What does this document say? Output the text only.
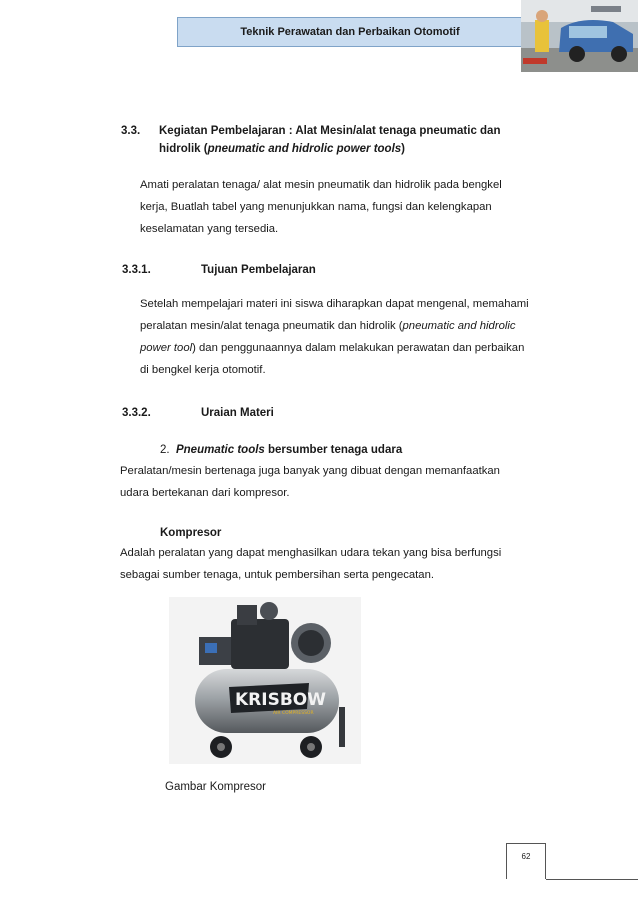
Teknik Perawatan dan Perbaikan Otomotif
3.3. Kegiatan Pembelajaran : Alat Mesin/alat tenaga pneumatic dan
hidrolik (pneumatic and hidrolic power tools)
Amati peralatan tenaga/ alat mesin pneumatik dan hidrolik pada bengkel
kerja, Buatlah tabel yang menunjukkan nama, fungsi dan kelengkapan
keselamatan yang tersedia.
3.3.1.	Tujuan Pembelajaran
Setelah mempelajari materi ini siswa diharapkan dapat mengenal, memahami
peralatan mesin/alat tenaga pneumatik dan hidrolik (pneumatic and hidrolic
power tool) dan penggunaannya dalam melakukan perawatan dan perbaikan
di bengkel kerja otomotif.
3.3.2.	Uraian Materi
2. Pneumatic tools bersumber tenaga udara
Peralatan/mesin bertenaga juga banyak yang dibuat dengan memanfaatkan
udara bertekanan dari kompresor.
Kompresor
Adalah peralatan yang dapat menghasilkan udara tekan yang bisa berfungsi
sebagai sumber tenaga, untuk pembersihan serta pengecatan.
KRISBOW
AIR COMPRESSOR
Gambar Kompresor
62
